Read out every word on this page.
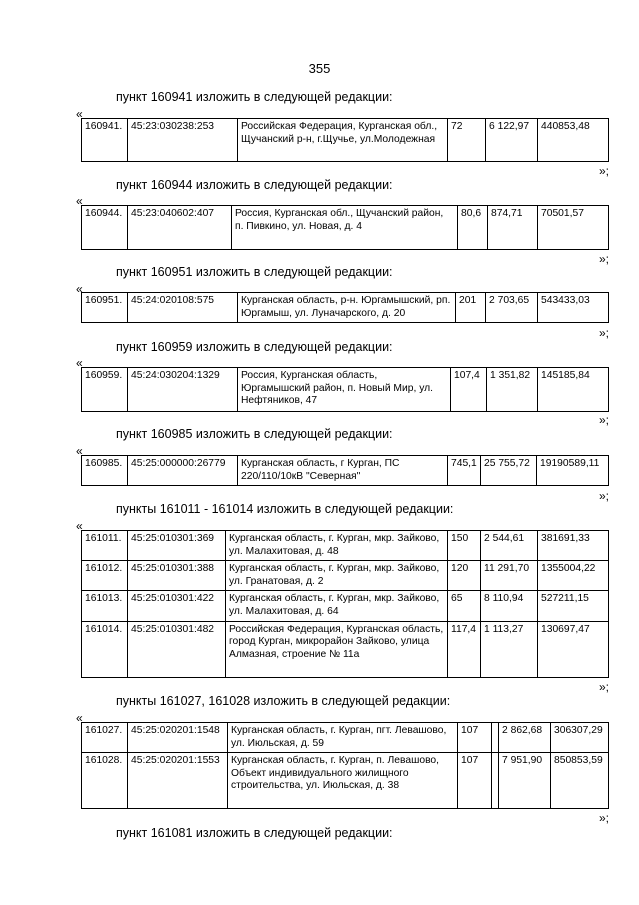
355
пункт 160941 изложить в следующей редакции:
«
160941.	45:23:030238:253	Российская Федерация, Курганская обл., Щучанский р-н, г.Щучье, ул.Молодежная	72	6 122,97	440853,48
»;
пункт 160944 изложить в следующей редакции:
«
160944.	45:23:040602:407	Россия, Курганская обл., Щучанский район, п. Пивкино, ул. Новая, д. 4	80,6	874,71	70501,57
»;
пункт 160951 изложить в следующей редакции:
«
160951.	45:24:020108:575	Курганская область, р-н. Юргамышский, рп. Юргамыш, ул. Луначарского, д. 20	201	2 703,65	543433,03
»;
пункт 160959 изложить в следующей редакции:
«
160959.	45:24:030204:1329	Россия, Курганская область, Юргамышский район, п. Новый Мир, ул. Нефтяников, 47	107,4	1 351,82	145185,84
»;
пункт 160985 изложить в следующей редакции:
«
160985.	45:25:000000:26779	Курганская область, г Курган, ПС 220/110/10кВ "Северная"	745,1	25 755,72	19190589,11
»;
пункты 161011 - 161014 изложить в следующей редакции:
«
161011.	45:25:010301:369	Курганская область, г. Курган, мкр. Зайково, ул. Малахитовая, д. 48	150	2 544,61	381691,33
161012.	45:25:010301:388	Курганская область, г. Курган, мкр. Зайково, ул. Гранатовая, д. 2	120	11 291,70	1355004,22
161013.	45:25:010301:422	Курганская область, г. Курган, мкр. Зайково, ул. Малахитовая, д. 64	65	8 110,94	527211,15
161014.	45:25:010301:482	Российская Федерация, Курганская область, город Курган, микрорайон Зайково, улица Алмазная, строение № 11а	117,4	1 113,27	130697,47
»;
пункты 161027, 161028 изложить в следующей редакции:
«
161027.	45:25:020201:1548	Курганская область, г. Курган, пгт. Левашово, ул. Июльская, д. 59	107		2 862,68	306307,29
161028.	45:25:020201:1553	Курганская область, г. Курган, п. Левашово, Объект индивидуального жилищного строительства, ул. Июльская, д. 38	107		7 951,90	850853,59
»;
пункт 161081 изложить в следующей редакции:
